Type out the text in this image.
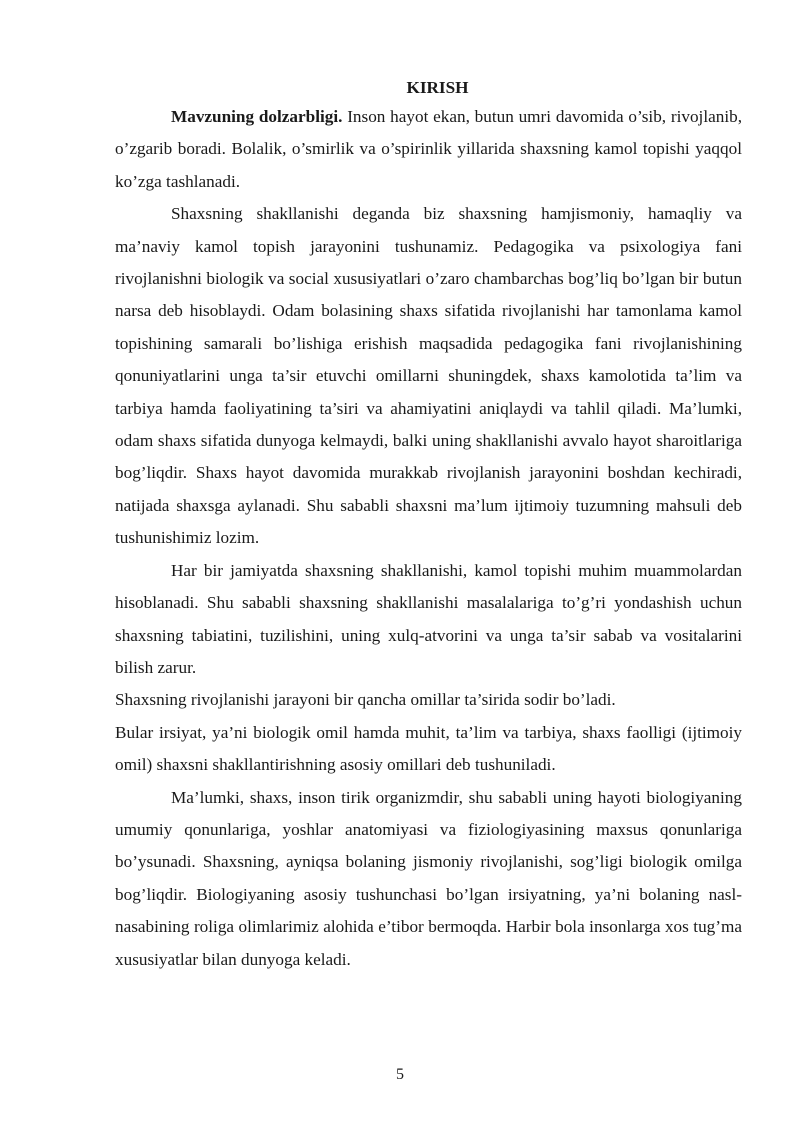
KIRISH

Mavzuning dolzarbligi. Inson hayot ekan, butun umri davomida o’sib, rivojlanib, o’zgarib boradi. Bolalik, o’smirlik va o’spirinlik yillarida shaxsning kamol topishi yaqqol ko’zga tashlanadi.

Shaxsning shakllanishi deganda biz shaxsning hamjismoniy, hamaqliy va ma’naviy kamol topish jarayonini tushunamiz. Pedagogika va psixologiya fani rivojlanishni biologik va social xususiyatlari o’zaro chambarchas bog’liq bo’lgan bir butun narsa deb hisoblaydi. Odam bolasining shaxs sifatida rivojlanishi har tamonlama kamol topishining samarali bo’lishiga erishish maqsadida pedagogika fani rivojlanishining qonuniyatlarini unga ta’sir etuvchi omillarni shuningdek, shaxs kamolotida ta’lim va tarbiya hamda faoliyatining ta’siri va ahamiyatini aniqlaydi va tahlil qiladi. Ma’lumki, odam shaxs sifatida dunyoga kelmaydi, balki uning shakllanishi avvalo hayot sharoitlariga bog’liqdir. Shaxs hayot davomida murakkab rivojlanish jarayonini boshdan kechiradi, natijada shaxsga aylanadi. Shu sababli shaxsni ma’lum ijtimoiy tuzumning mahsuli deb tushunishimiz lozim.

Har bir jamiyatda shaxsning shakllanishi, kamol topishi muhim muammolardan hisoblanadi. Shu sababli shaxsning shakllanishi masalalariga to’g’ri yondashish uchun shaxsning tabiatini, tuzilishini, uning xulq-atvorini va unga ta’sir sabab va vositalarini bilish zarur.

Shaxsning rivojlanishi jarayoni bir qancha omillar ta’sirida sodir bo’ladi.

Bular irsiyat, ya’ni biologik omil hamda muhit, ta’lim va tarbiya, shaxs faolligi (ijtimoiy omil) shaxsni shakllantirishning asosiy omillari deb tushuniladi.

Ma’lumki, shaxs, inson tirik organizmdir, shu sababli uning hayoti biologiyaning umumiy qonunlariga, yoshlar anatomiyasi va fiziologiyasining maxsus qonunlariga bo’ysunadi. Shaxsning, ayniqsa bolaning jismoniy rivojlanishi, sog’ligi biologik omilga bog’liqdir. Biologiyaning asosiy tushunchasi bo’lgan irsiyatning, ya’ni bolaning nasl-nasabining roliga olimlarimiz alohida e’tibor bermoqda. Harbir bola insonlarga xos tug’ma xususiyatlar bilan dunyoga keladi.

5
